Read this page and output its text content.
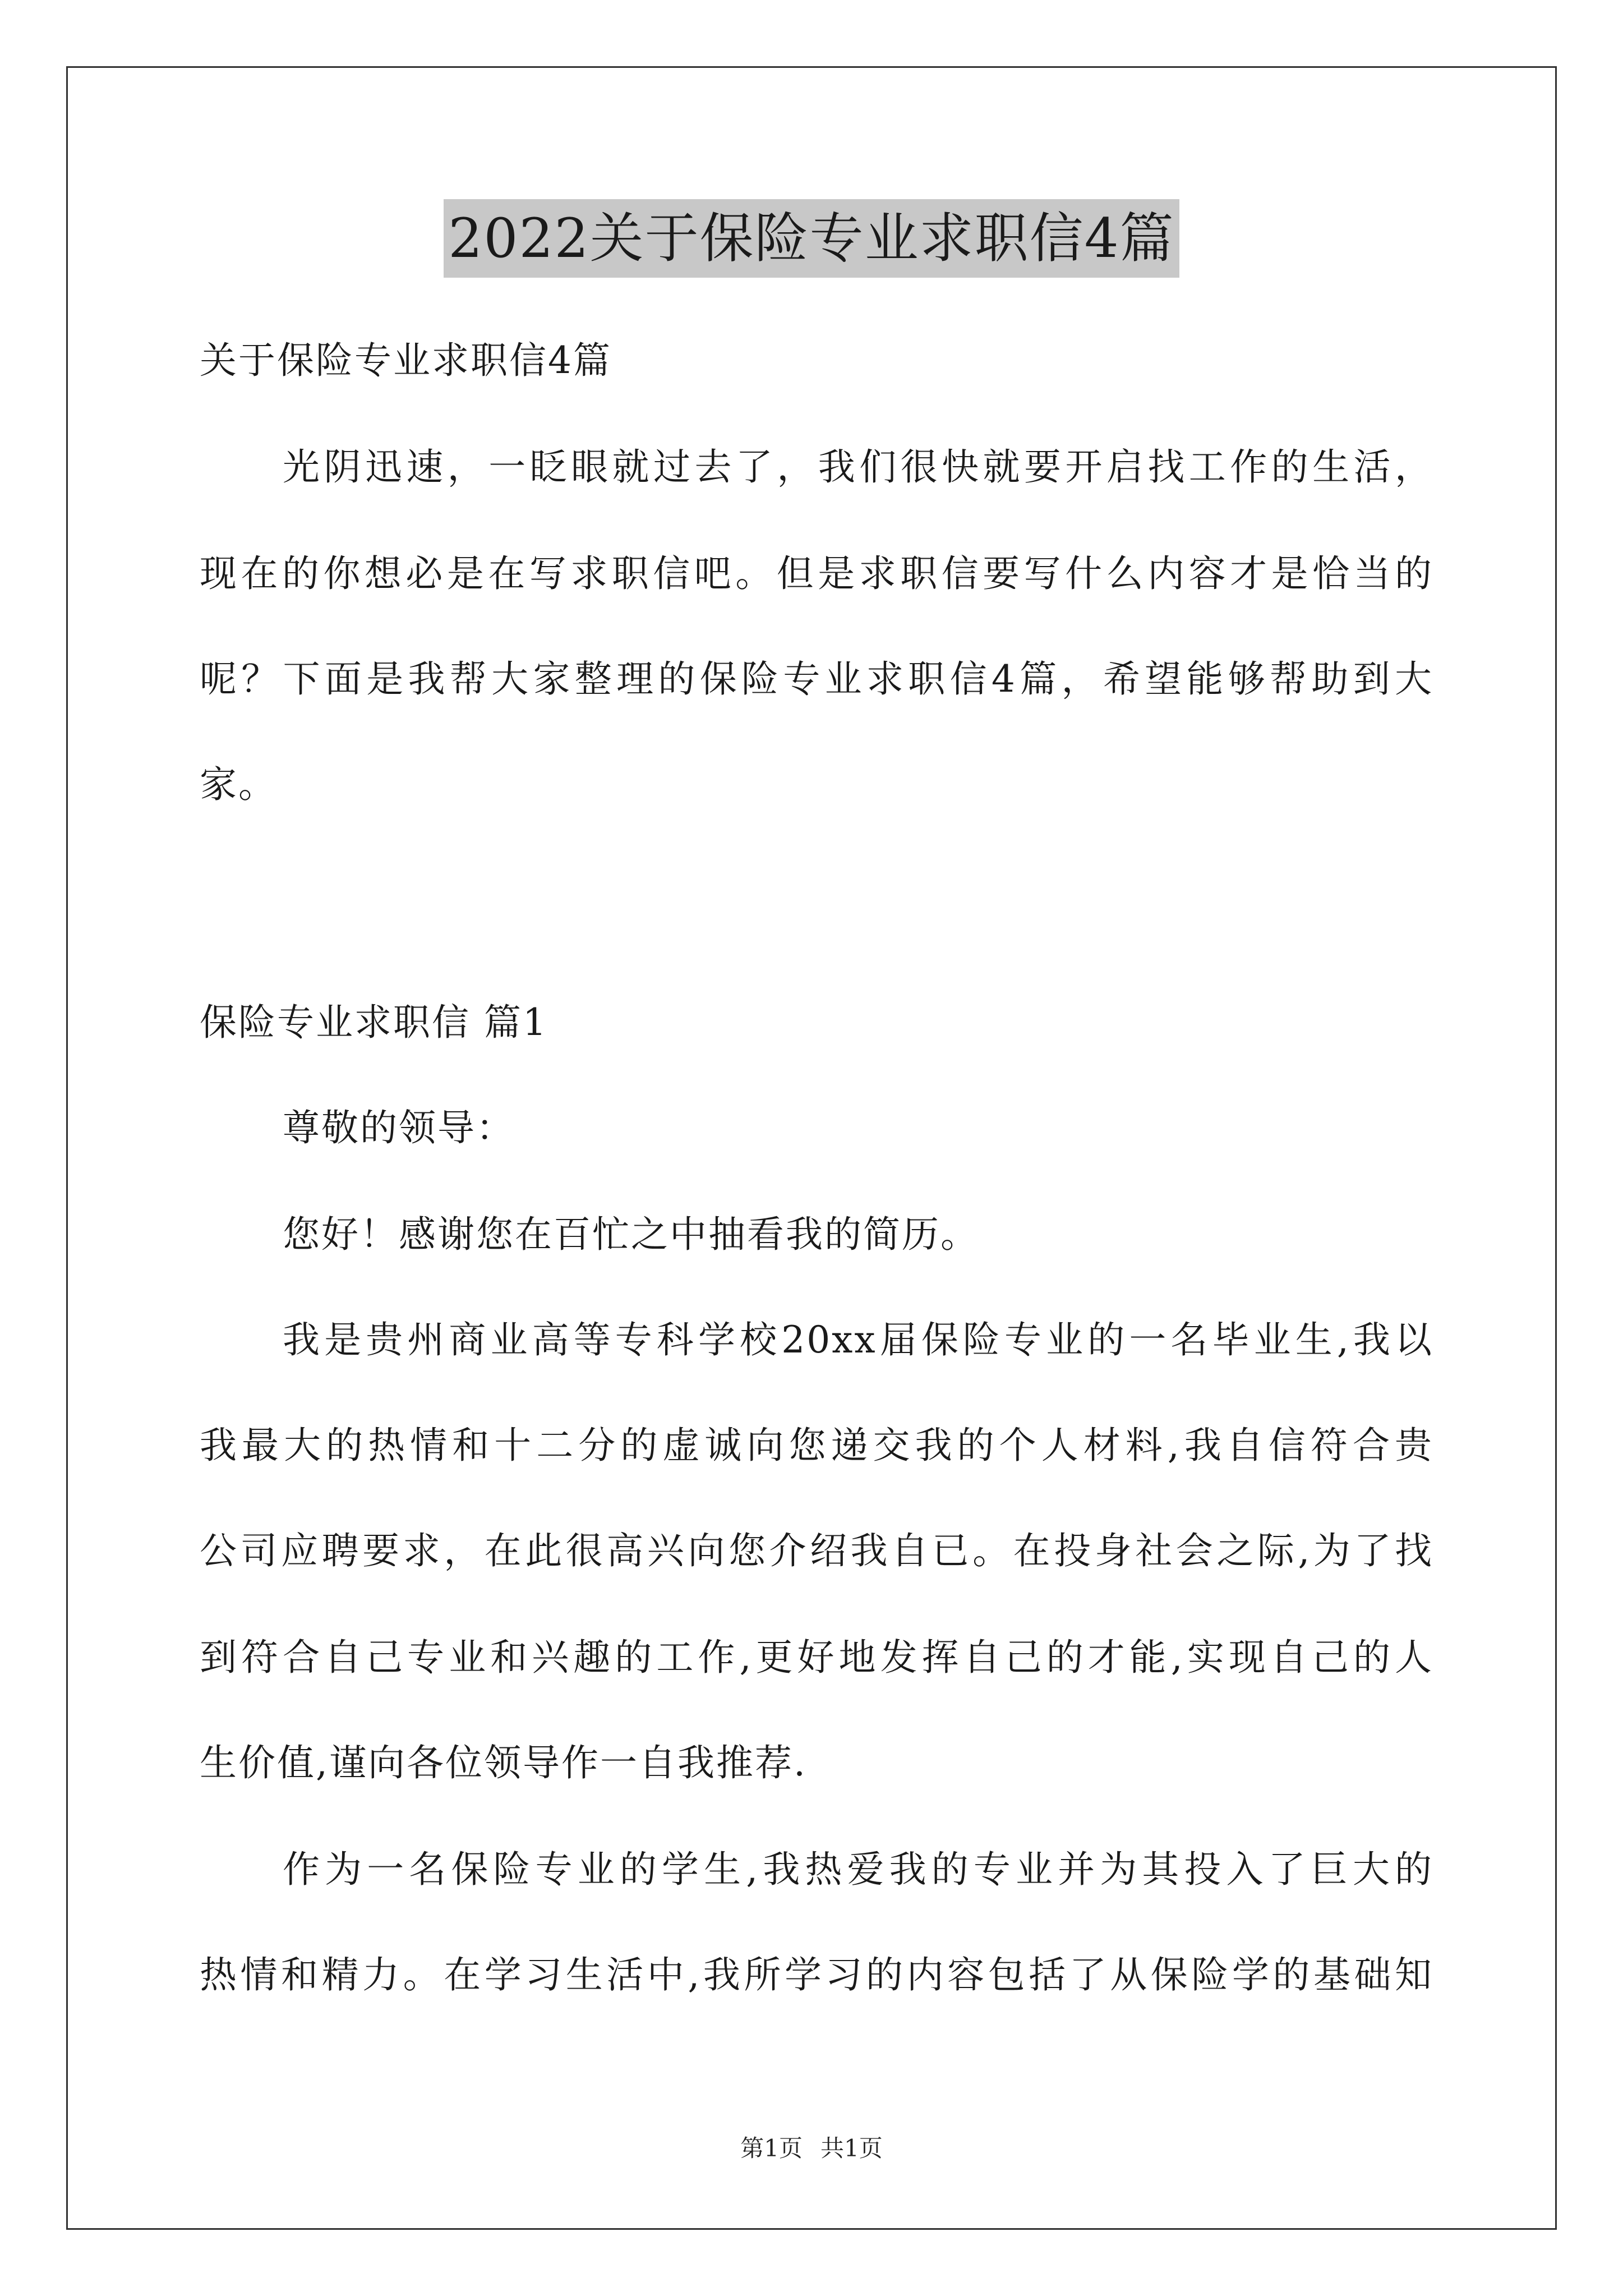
2022关于保险专业求职信4篇
关于保险专业求职信4篇
光阴迅速，一眨眼就过去了，我们很快就要开启找工作的生活，
现在的你想必是在写求职信吧。但是求职信要写什么内容才是恰当的
呢？下面是我帮大家整理的保险专业求职信4篇，希望能够帮助到大
家。
保险专业求职信 篇1
尊敬的领导：
您好！感谢您在百忙之中抽看我的简历。
我是贵州商业高等专科学校20xx届保险专业的一名毕业生,我以
我最大的热情和十二分的虚诚向您递交我的个人材料,我自信符合贵
公司应聘要求，在此很高兴向您介绍我自已。在投身社会之际,为了找
到符合自己专业和兴趣的工作,更好地发挥自己的才能,实现自己的人
生价值,谨向各位领导作一自我推荐.
作为一名保险专业的学生,我热爱我的专业并为其投入了巨大的
热情和精力。在学习生活中,我所学习的内容包括了从保险学的基础知
第1页 共1页
